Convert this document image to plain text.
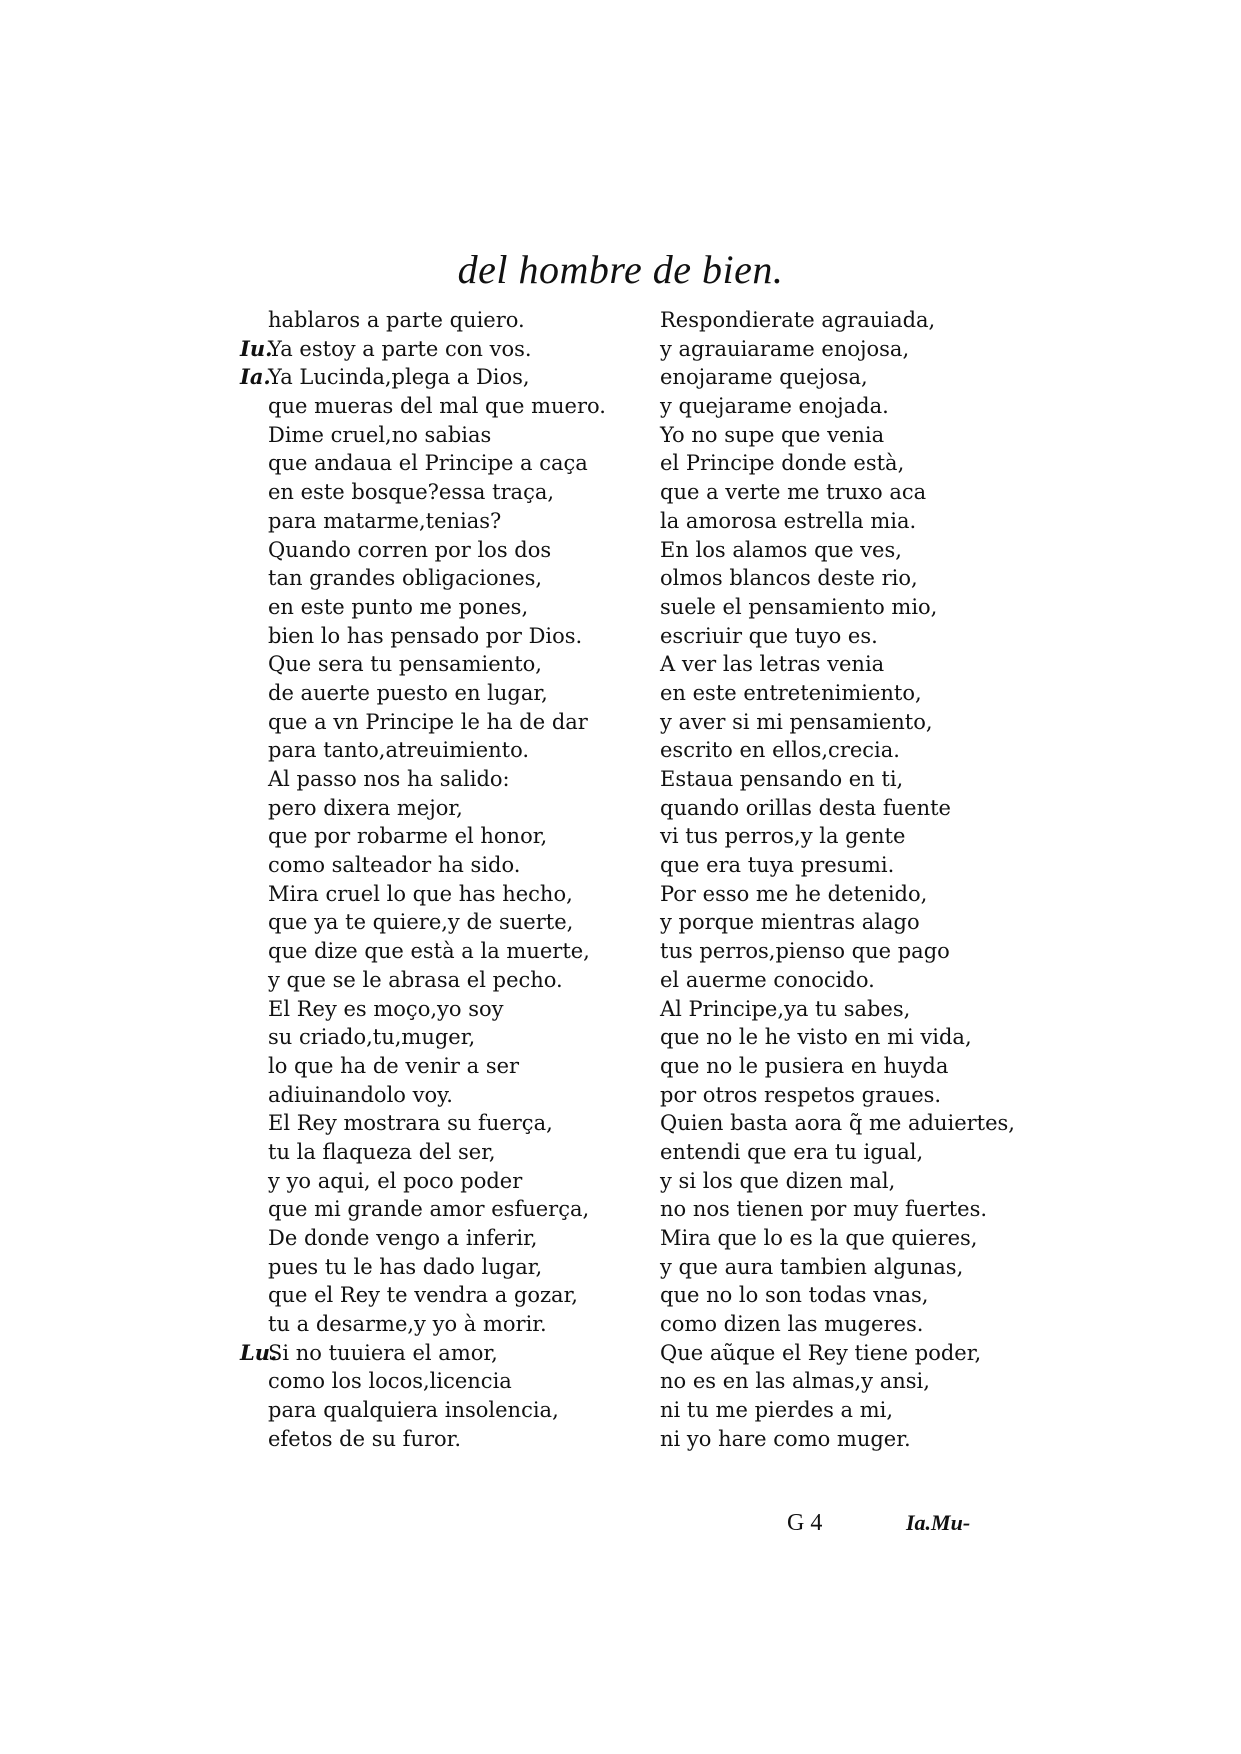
del hombre de bien.
hablaros a parte quiero.
Iu.
Ya estoy a parte con vos.
Ia.
Ya Lucinda,plega a Dios,
que mueras del mal que muero.
Dime cruel,no sabias
que andaua el Principe a caça
en este bosque?essa traça,
para matarme,tenias?
Quando corren por los dos
tan grandes obligaciones,
en este punto me pones,
bien lo has pensado por Dios.
Que sera tu pensamiento,
de auerte puesto en lugar,
que a vn Principe le ha de dar
para tanto,atreuimiento.
Al passo nos ha salido:
pero dixera mejor,
que por robarme el honor,
como salteador ha sido.
Mira cruel lo que has hecho,
que ya te quiere,y de suerte,
que dize que està a la muerte,
y que se le abrasa el pecho.
El Rey es moço,yo soy
su criado,tu,muger,
lo que ha de venir a ser
adiuinandolo voy.
El Rey mostrara su fuerça,
tu la flaqueza del ser,
y yo aqui, el poco poder
que mi grande amor esfuerça,
De donde vengo a inferir,
pues tu le has dado lugar,
que el Rey te vendra a gozar,
tu a desarme,y yo à morir.
Lu.
Si no tuuiera el amor,
como los locos,licencia
para qualquiera insolencia,
efetos de su furor.
Respondierate agrauiada,
y agrauiarame enojosa,
enojarame quejosa,
y quejarame enojada.
Yo no supe que venia
el Principe donde està,
que a verte me truxo aca
la amorosa estrella mia.
En los alamos que ves,
olmos blancos deste rio,
suele el pensamiento mio,
escriuir que tuyo es.
A ver las letras venia
en este entretenimiento,
y aver si mi pensamiento,
escrito en ellos,crecia.
Estaua pensando en ti,
quando orillas desta fuente
vi tus perros,y la gente
que era tuya presumi.
Por esso me he detenido,
y porque mientras alago
tus perros,pienso que pago
el auerme conocido.
Al Principe,ya tu sabes,
que no le he visto en mi vida,
que no le pusiera en huyda
por otros respetos graues.
Quien basta aora q̃ me aduiertes,
entendi que era tu igual,
y si los que dizen mal,
no nos tienen por muy fuertes.
Mira que lo es la que quieres,
y que aura tambien algunas,
que no lo son todas vnas,
como dizen las mugeres.
Que aũque el Rey tiene poder,
no es en las almas,y ansi,
ni tu me pierdes a mi,
ni yo hare como muger.
G 4	Ia.Mu-
